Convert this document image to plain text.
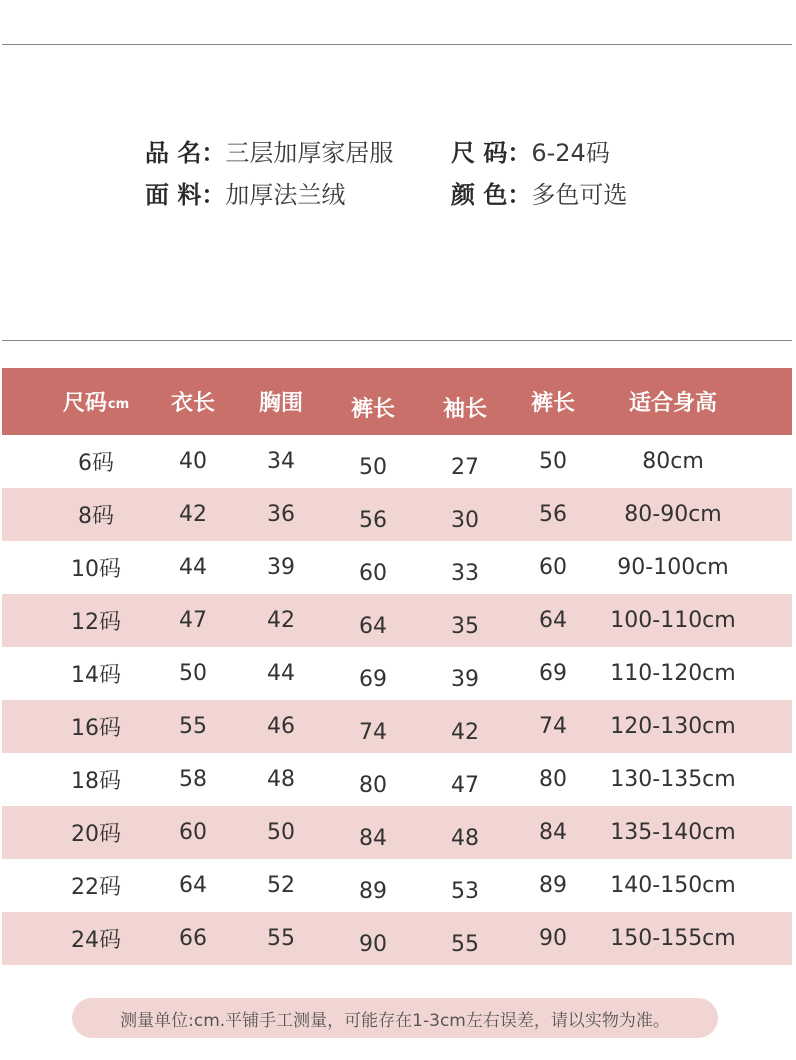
品 名：三层加厚家居服 尺 码：6-24码
面 料：加厚法兰绒	颜 色：多色可选
尺码 cm	衣长	胸围	裤长	袖长	裤长	适合身高
6码	40	34	50	27	50	80cm
8码	42	36	56	30	56	80-90cm
10码	44	39	60	33	60	90-100cm
12码	47	42	64	35	64	100-110cm
14码	50	44	69	39	69	110-120cm
16码	55	46	74	42	74	120-130cm
18码	58	48	80	47	80	130-135cm
20码	60	50	84	48	84	135-140cm
22码	64	52	89	53	89	140-150cm
24码	66	55	90	55	90	150-155cm
测量单位:cm.平铺手工测量，可能存在1-3cm左右误差，请以实物为准。
